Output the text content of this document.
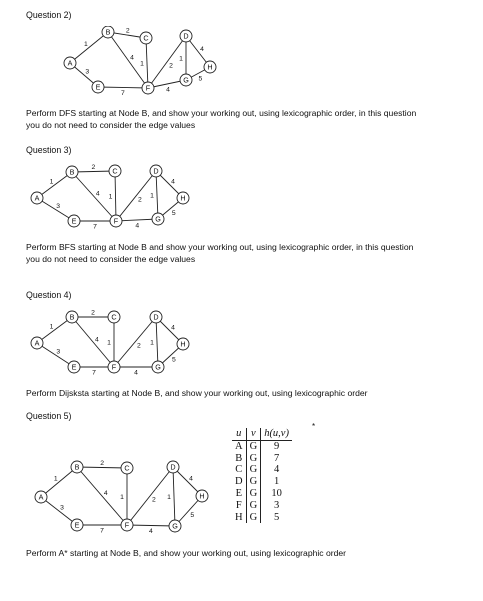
Question 2)
1
3
2
4
1
7
2
4
1
4
5
A
B
C	D
E	F
G
H
Perform DFS starting at Node B, and show your working out, using lexicographic order, in this question
you do not need to consider the edge values
Question 3)
1
3
2
4 1
7
2
4
1
4
5
A
B	C	D
E	F	G
H
Perform BFS starting at Node B and show your working out, using lexicographic order, in this question
you do not need to consider the edge values
Question 4)
1
3
2
4 1
7
2
4
1
4
5
A
B	C	D
E	F	G
H
Perform Dijsksta starting at Node B, and show your working out, using lexicographic order
Question 5)
1
3
2
4
1
7
2
4
1
4
5
A
B	C	D
E	F	G
H
*
u	v	h(u,v)
A	G	9
B	G	7
C	G	4
D	G	1
E	G	10
F	G	3
H	G	5
Perform A* starting at Node B, and show your working out, using lexicographic order
